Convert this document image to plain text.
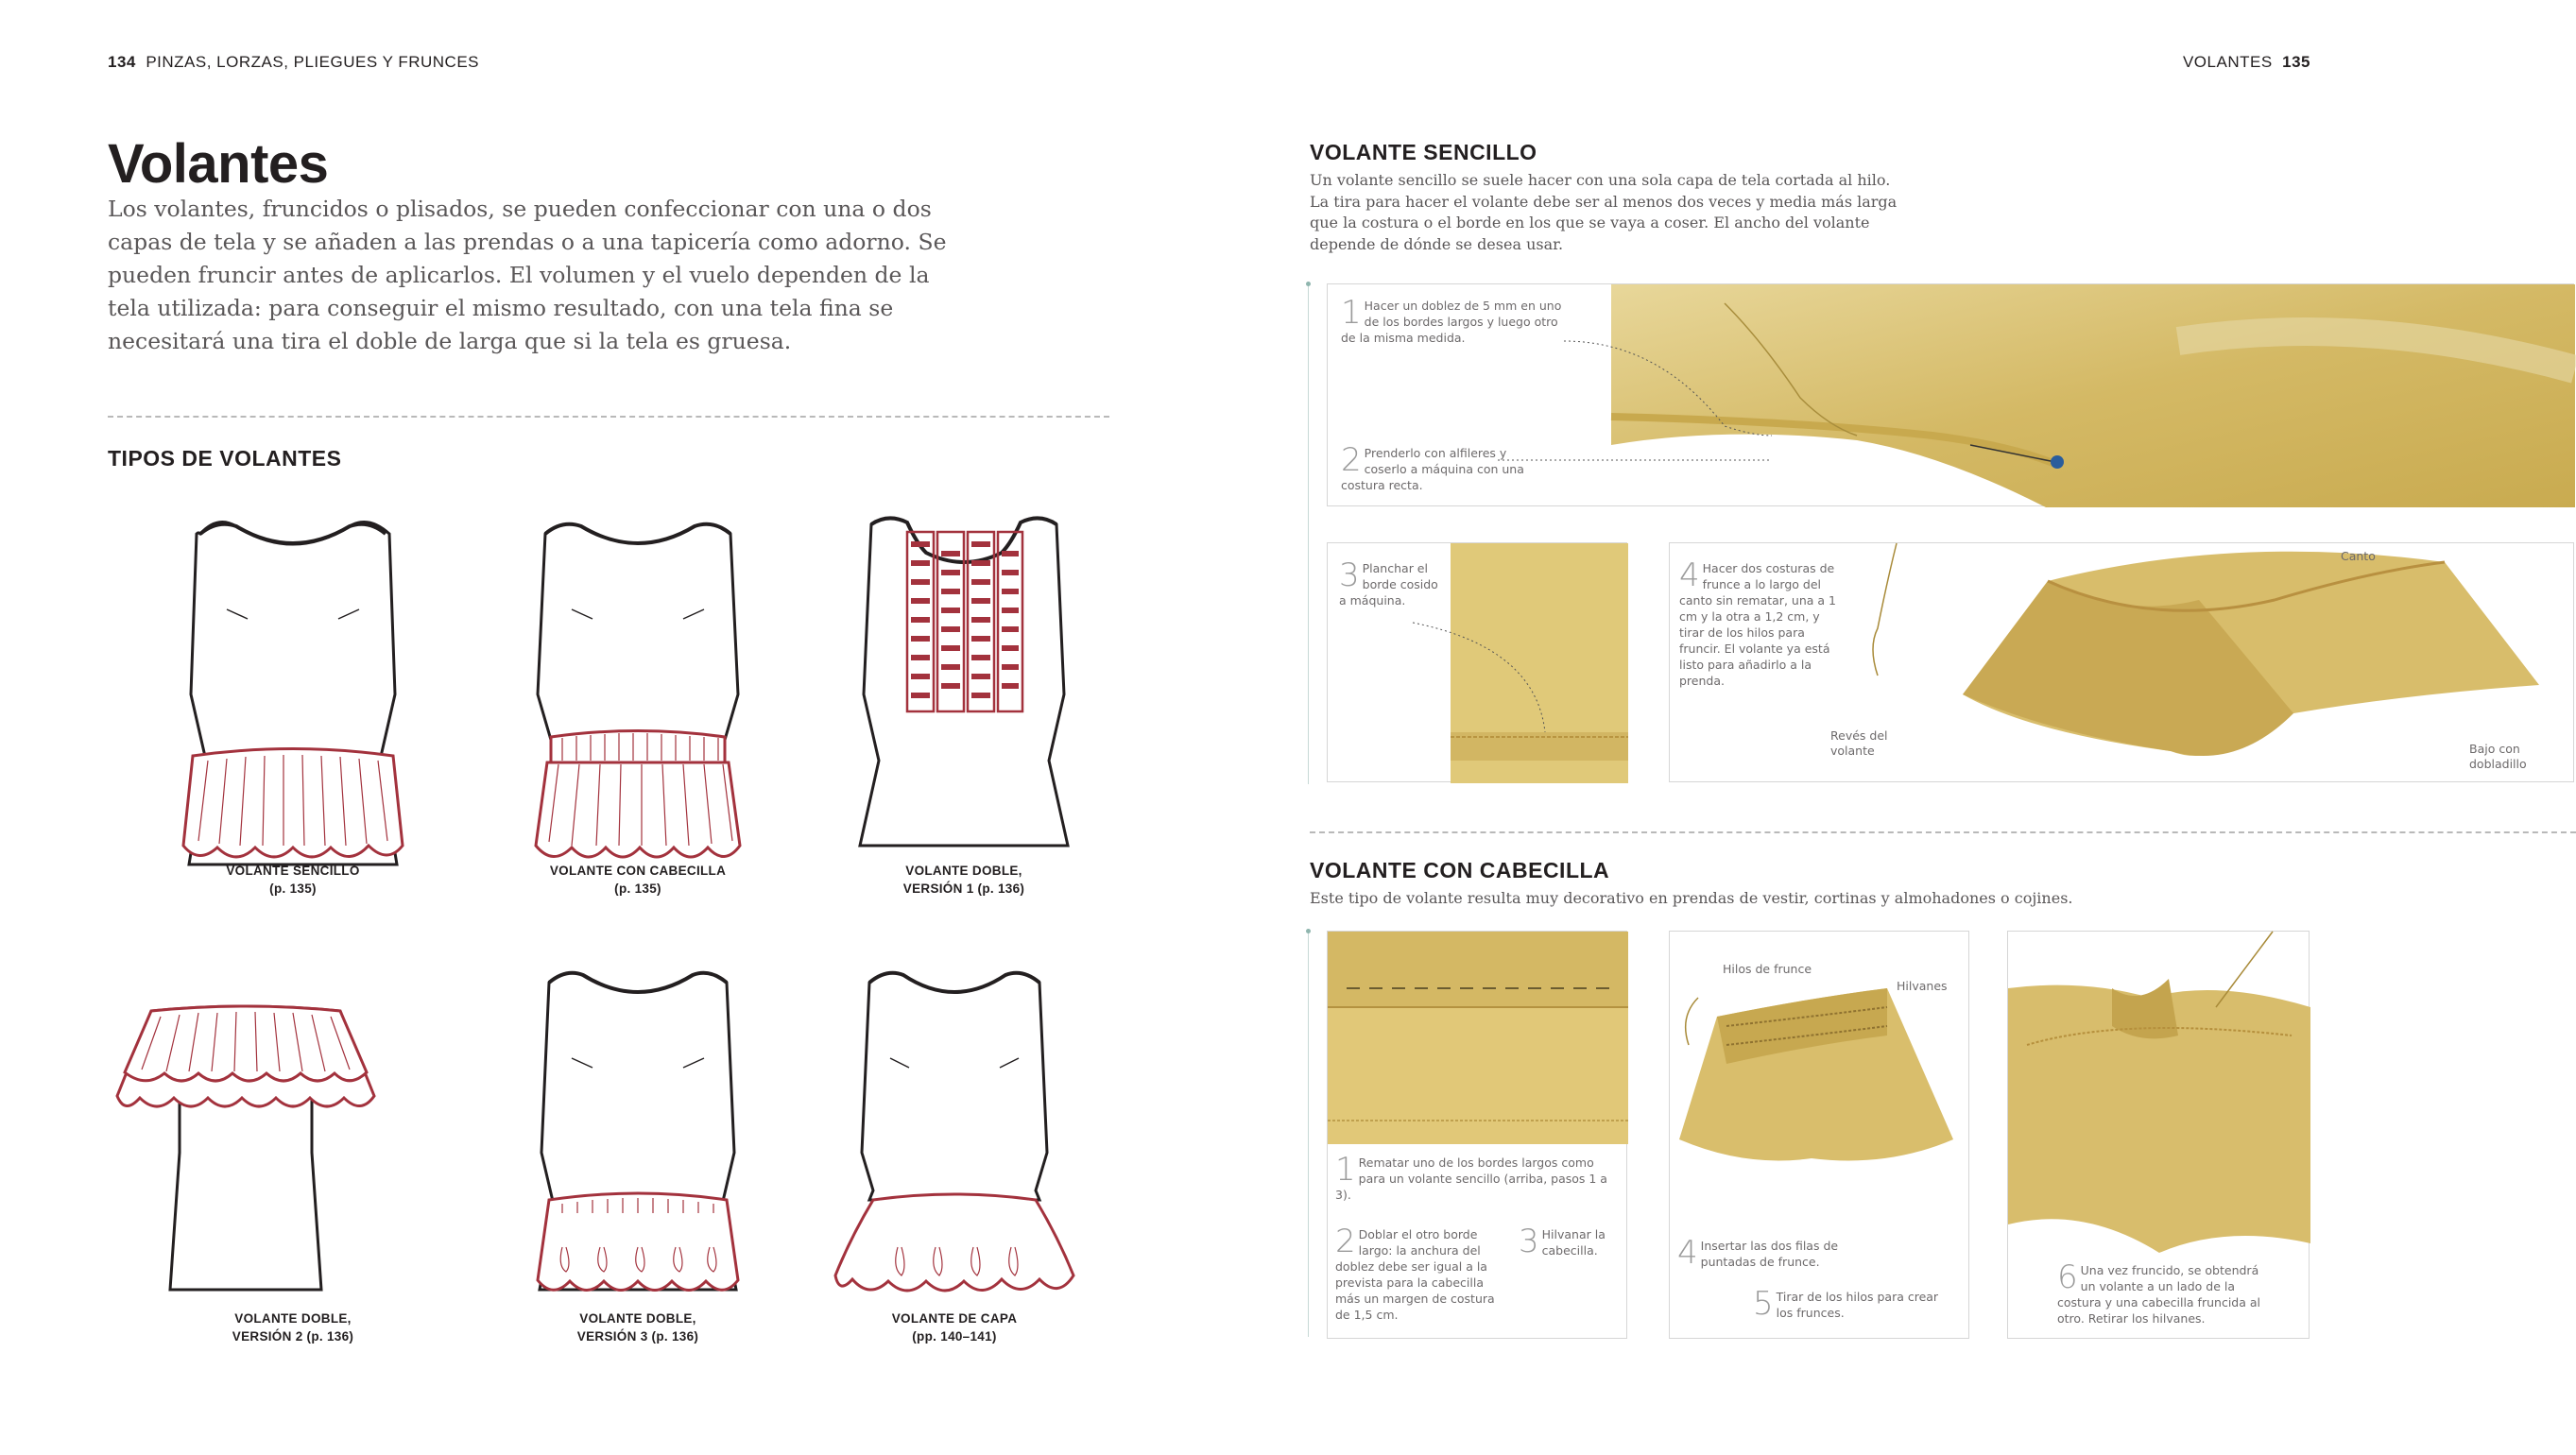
134 PINZAS, LORZAS, PLIEGUES Y FRUNCES
Volantes

Los volantes, fruncidos o plisados, se pueden confeccionar con una o dos capas de tela y se añaden a las prendas o a una tapicería como adorno. Se pueden fruncir antes de aplicarlos. El volumen y el vuelo dependen de la tela utilizada: para conseguir el mismo resultado, con una tela fina se necesitará una tira el doble de larga que si la tela es gruesa.

TIPOS DE VOLANTES
VOLANTE SENCILLO
(p. 135)
VOLANTE CON CABECILLA
(p. 135)
VOLANTE DOBLE,
VERSIÓN 1 (p. 136)
VOLANTE DOBLE,
VERSIÓN 2 (p. 136)
VOLANTE DOBLE,
VERSIÓN 3 (p. 136)
VOLANTE DE CAPA
(pp. 140–141)
VOLANTES 135
VOLANTE SENCILLO

Un volante sencillo se suele hacer con una sola capa de tela cortada al hilo. La tira para hacer el volante debe ser al menos dos veces y media más larga que la costura o el borde en los que se vaya a coser. El ancho del volante depende de dónde se desea usar.

1 Hacer un doblez de 5 mm en uno de los bordes largos y luego otro de la misma medida.
2 Prenderlo con alfileres y coserlo a máquina con una costura recta.
3 Planchar el borde cosido a máquina.
4 Hacer dos costuras de frunce a lo largo del canto sin rematar, una a 1 cm y la otra a 1,2 cm, y tirar de los hilos para fruncir. El volante ya está listo para añadirlo a la prenda.
Canto
Revés del volante	Bajo con dobladillo
VOLANTE CON CABECILLA

Este tipo de volante resulta muy decorativo en prendas de vestir, cortinas y almohadones o cojines.

1 Rematar uno de los bordes largos como para un volante sencillo (arriba, pasos 1 a 3).
2 Doblar el otro borde largo: la anchura del doblez debe ser igual a la prevista para la cabecilla más un margen de costura de 1,5 cm.
3 Hilvanar la cabecilla.
Hilos de frunce
Hilvanes
4 Insertar las dos filas de puntadas de frunce.
5 Tirar de los hilos para crear los frunces.
6 Una vez fruncido, se obtendrá un volante a un lado de la costura y una cabecilla fruncida al otro. Retirar los hilvanes.
